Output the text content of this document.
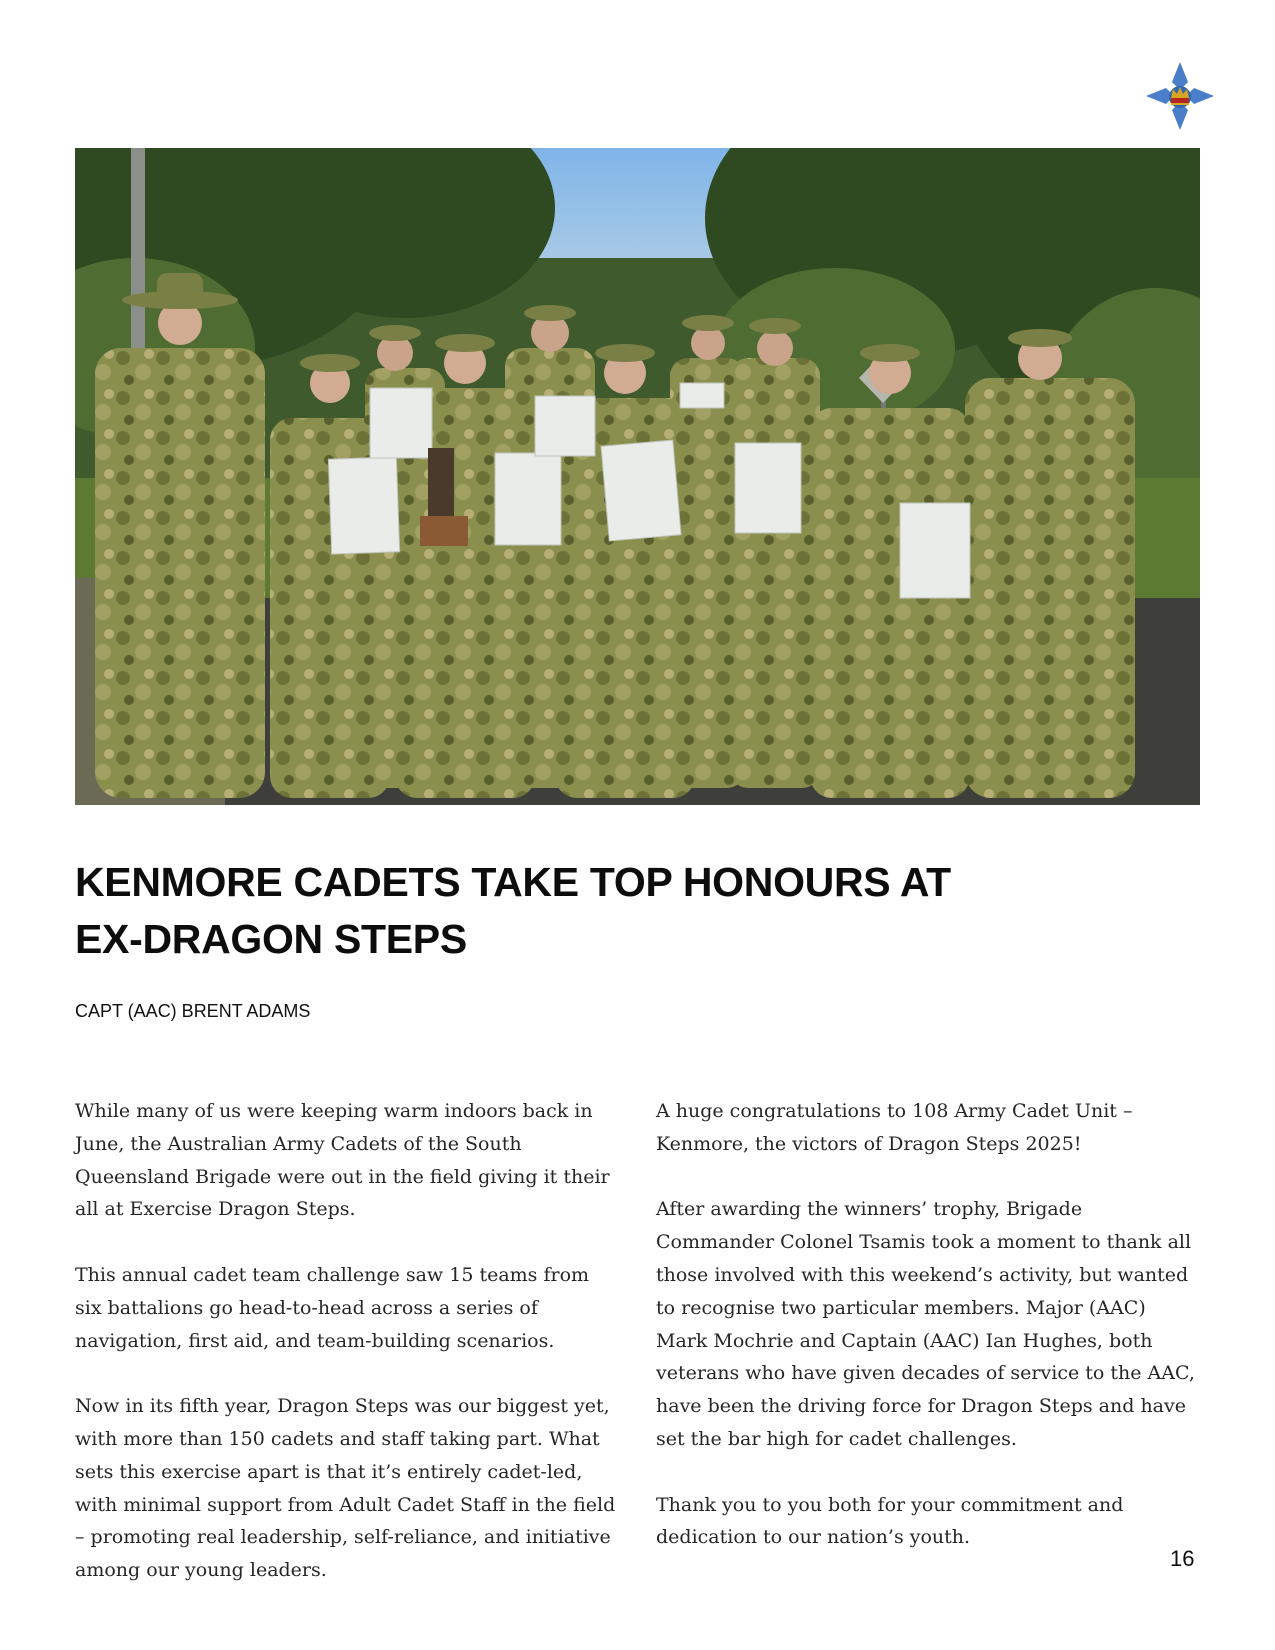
KENMORE CADETS TAKE TOP HONOURS AT
EX-DRAGON STEPS

CAPT (AAC) BRENT ADAMS

While many of us were keeping warm indoors back in June, the Australian Army Cadets of the South Queensland Brigade were out in the field giving it their all at Exercise Dragon Steps.

This annual cadet team challenge saw 15 teams from six battalions go head-to-head across a series of navigation, first aid, and team-building scenarios.

Now in its fifth year, Dragon Steps was our biggest yet, with more than 150 cadets and staff taking part. What sets this exercise apart is that it’s entirely cadet-led, with minimal support from Adult Cadet Staff in the field – promoting real leadership, self-reliance, and initiative among our young leaders.

A huge congratulations to 108 Army Cadet Unit – Kenmore, the victors of Dragon Steps 2025!

After awarding the winners’ trophy, Brigade Commander Colonel Tsamis took a moment to thank all those involved with this weekend’s activity, but wanted to recognise two particular members. Major (AAC) Mark Mochrie and Captain (AAC) Ian Hughes, both veterans who have given decades of service to the AAC, have been the driving force for Dragon Steps and have set the bar high for cadet challenges.

Thank you to you both for your commitment and dedication to our nation’s youth.

16
